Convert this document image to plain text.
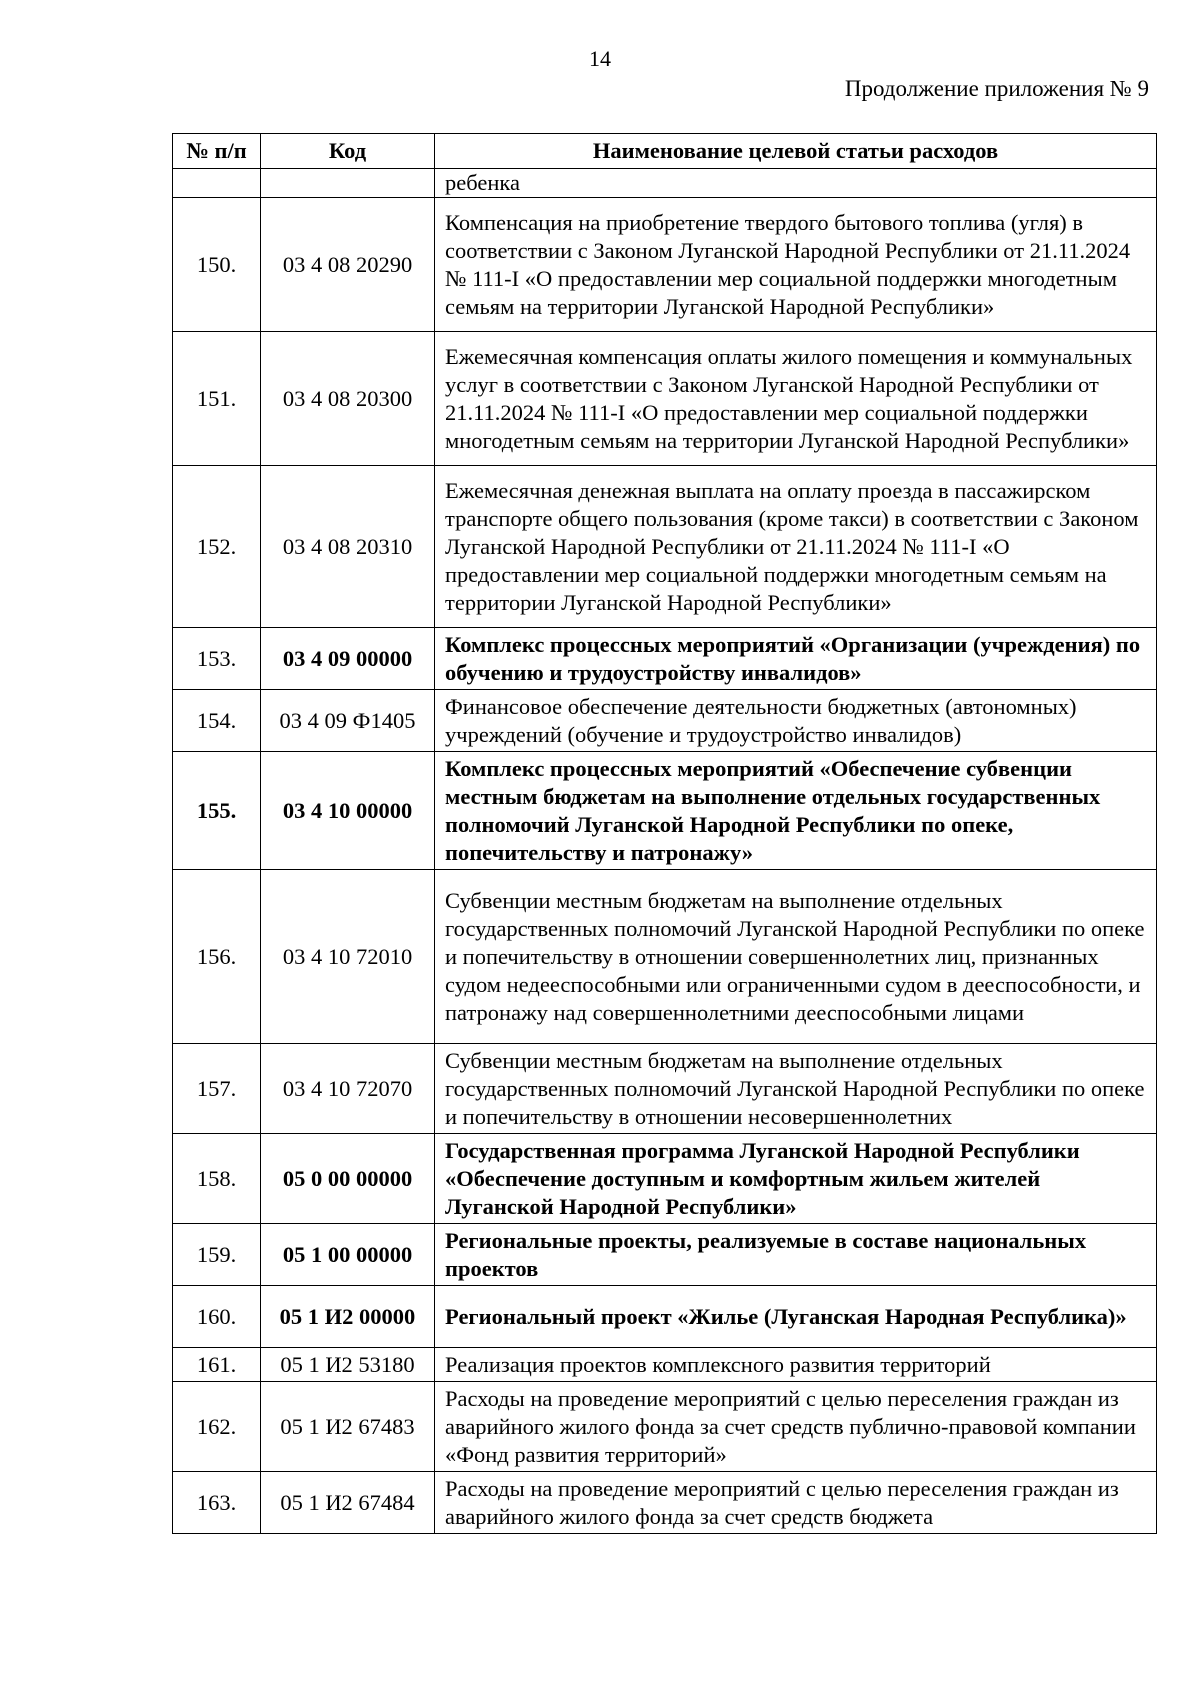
14
Продолжение приложения № 9
№ п/п	Код	Наименование целевой статьи расходов
		ребенка
150.	03 4 08 20290	Компенсация на приобретение твердого бытового топлива (угля) в соответствии с Законом Луганской Народной Республики от 21.11.2024 № 111-I «О предоставлении мер социальной поддержки многодетным семьям на территории Луганской Народной Республики»
151.	03 4 08 20300	Ежемесячная компенсация оплаты жилого помещения и коммунальных услуг в соответствии с Законом Луганской Народной Республики от 21.11.2024 № 111-I «О предоставлении мер социальной поддержки многодетным семьям на территории Луганской Народной Республики»
152.	03 4 08 20310	Ежемесячная денежная выплата на оплату проезда в пассажирском транспорте общего пользования (кроме такси) в соответствии с Законом Луганской Народной Республики от 21.11.2024 № 111-I «О предоставлении мер социальной поддержки многодетным семьям на территории Луганской Народной Республики»
153.	03 4 09 00000	Комплекс процессных мероприятий «Организации (учреждения) по обучению и трудоустройству инвалидов»
154.	03 4 09 Ф1405	Финансовое обеспечение деятельности бюджетных (автономных) учреждений (обучение и трудоустройство инвалидов)
155.	03 4 10 00000	Комплекс процессных мероприятий «Обеспечение субвенции местным бюджетам на выполнение отдельных государственных полномочий Луганской Народной Республики по опеке, попечительству и патронажу»
156.	03 4 10 72010	Субвенции местным бюджетам на выполнение отдельных государственных полномочий Луганской Народной Республики по опеке и попечительству в отношении совершеннолетних лиц, признанных судом недееспособными или ограниченными судом в дееспособности, и патронажу над совершеннолетними дееспособными лицами
157.	03 4 10 72070	Субвенции местным бюджетам на выполнение отдельных государственных полномочий Луганской Народной Республики по опеке и попечительству в отношении несовершеннолетних
158.	05 0 00 00000	Государственная программа Луганской Народной Республики «Обеспечение доступным и комфортным жильем жителей Луганской Народной Республики»
159.	05 1 00 00000	Региональные проекты, реализуемые в составе национальных проектов
160.	05 1 И2 00000	Региональный проект «Жилье (Луганская Народная Республика)»
161.	05 1 И2 53180	Реализация проектов комплексного развития территорий
162.	05 1 И2 67483	Расходы на проведение мероприятий с целью переселения граждан из аварийного жилого фонда за счет средств публично-правовой компании «Фонд развития территорий»
163.	05 1 И2 67484	Расходы на проведение мероприятий с целью переселения граждан из аварийного жилого фонда за счет средств бюджета
